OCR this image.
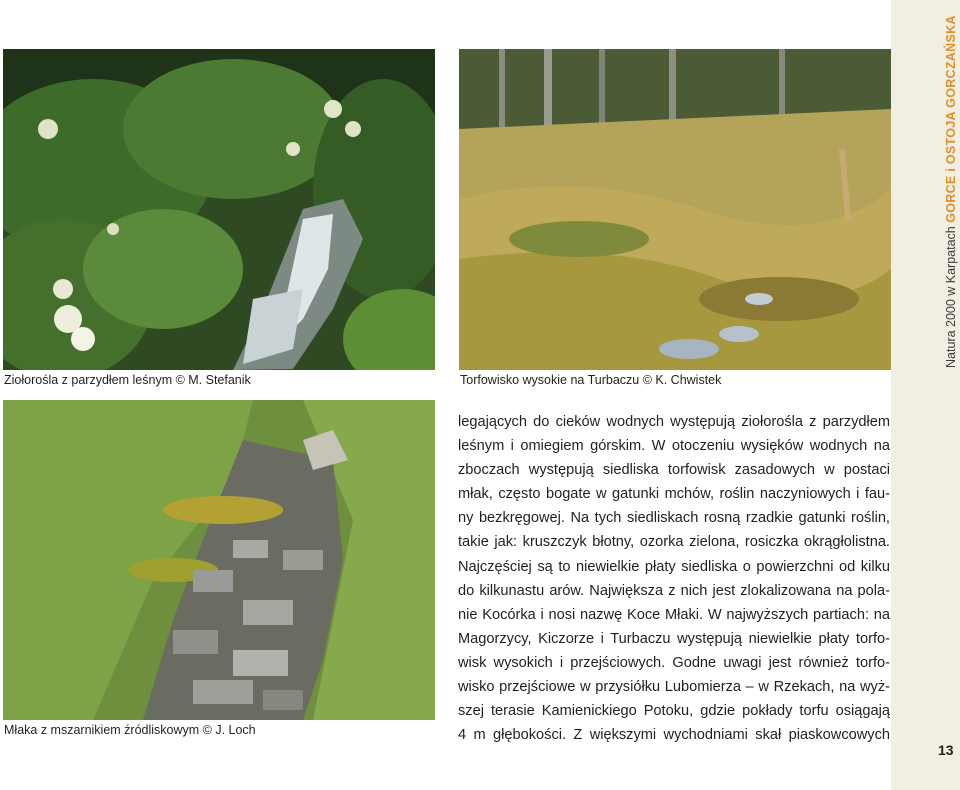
Ziołorośla z parzydłem leśnym © M. Stefanik	Torfowisko wysokie na Turbaczu © K. Chwistek
Młaka z mszarnikiem źródliskowym © J. Loch
legających do cieków wodnych występują ziołorośla z parzydłem
leśnym i omiegiem górskim. W otoczeniu wysięków wodnych na
zboczach występują siedliska torfowisk zasadowych w postaci
młak, często bogate w gatunki mchów, roślin naczyniowych i fau-
ny bezkręgowej. Na tych siedliskach rosną rzadkie gatunki roślin,
takie jak: kruszczyk błotny, ozorka zielona, rosiczka okrągłolistna.
Najczęściej są to niewielkie płaty siedliska o powierzchni od kilku
do kilkunastu arów. Największa z nich jest zlokalizowana na pola-
nie Kocórka i nosi nazwę Koce Młaki. W najwyższych partiach: na
Magorzycy, Kiczorze i Turbaczu występują niewielkie płaty torfo-
wisk wysokich i przejściowych. Godne uwagi jest również torfo-
wisko przejściowe w przysiółku Lubomierza – w Rzekach, na wyż-
szej terasie Kamienickiego Potoku, gdzie pokłady torfu osiągają
4 m głębokości. Z większymi wychodniami skał piaskowcowych
Natura 2000 w Karpatach GORCE i OSTOJA GORCZAŃSKA
13
